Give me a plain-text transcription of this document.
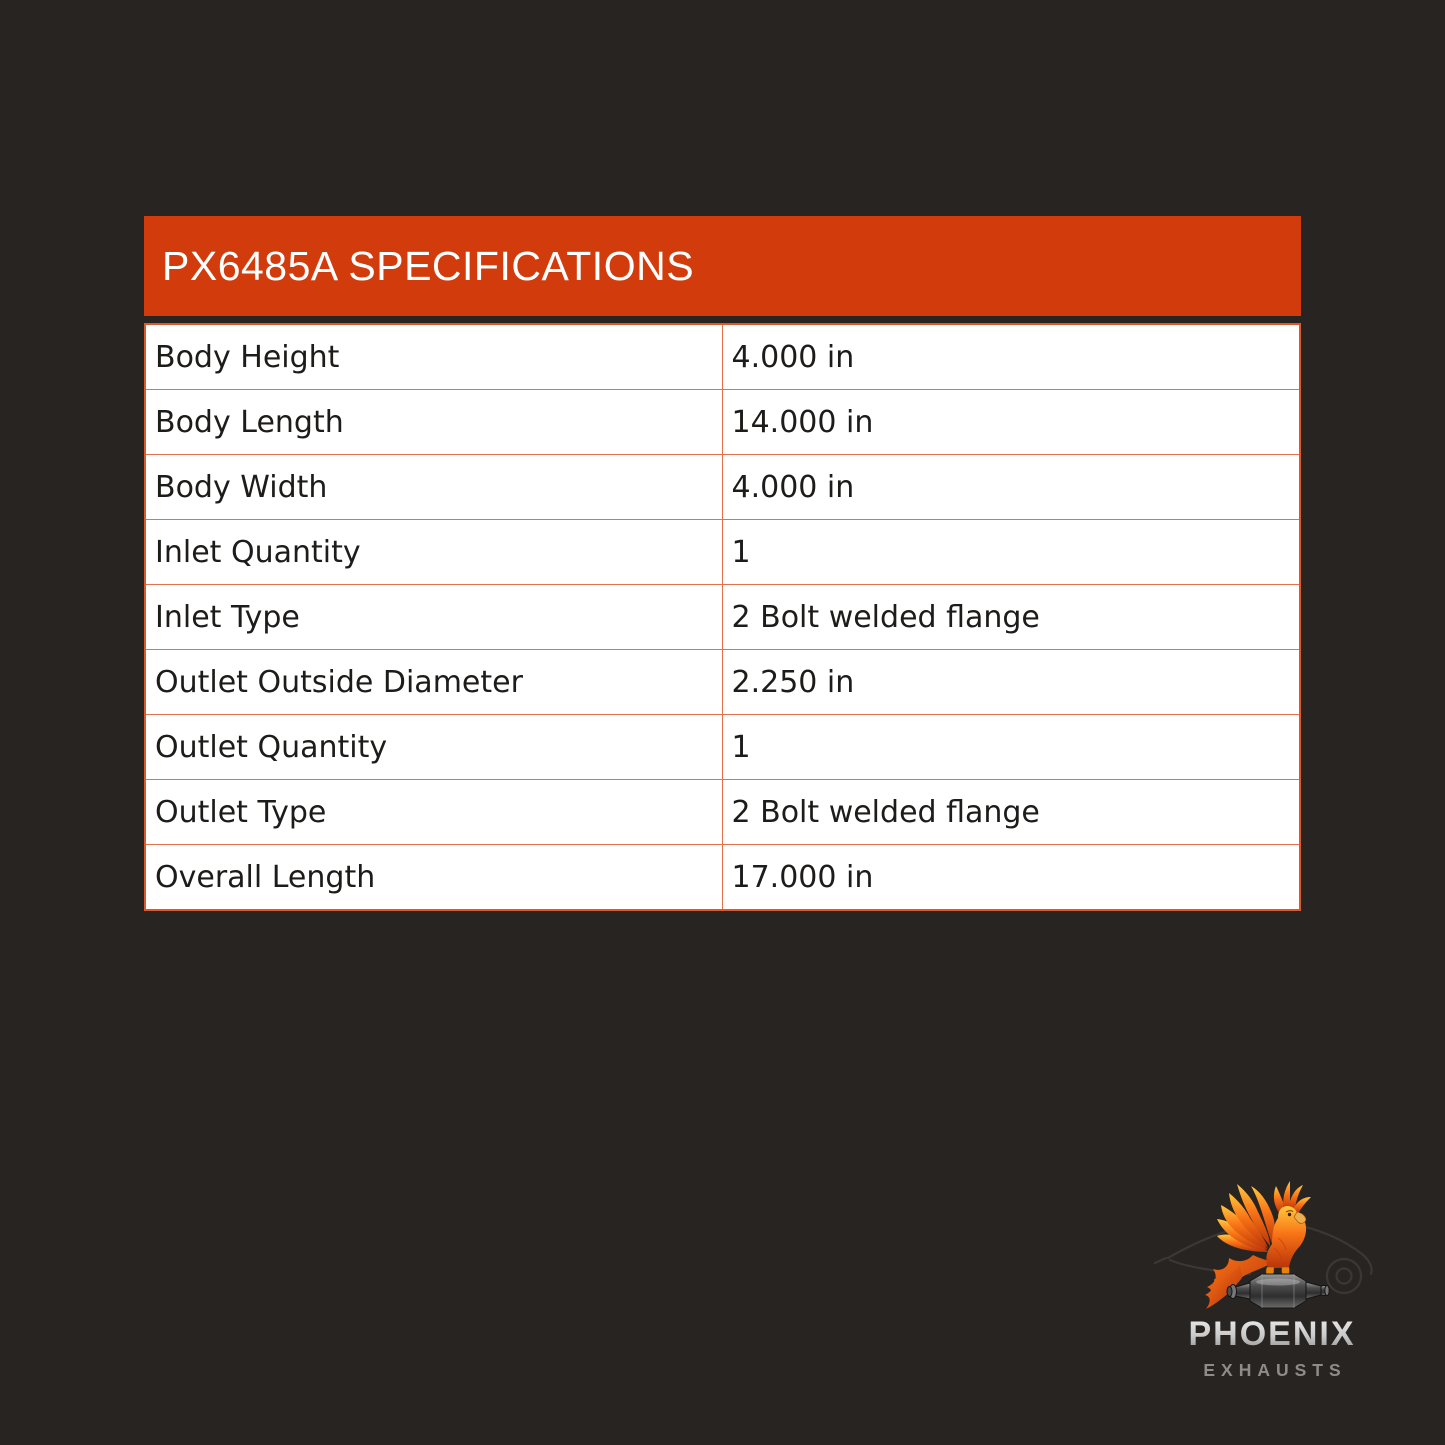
PX6485A SPECIFICATIONS
Body Height	4.000 in
Body Length	14.000 in
Body Width	4.000 in
Inlet Quantity	1
Inlet Type	2 Bolt welded flange
Outlet Outside Diameter	2.250 in
Outlet Quantity	1
Outlet Type	2 Bolt welded flange
Overall Length	17.000 in
PHOENIX
EXHAUSTS
